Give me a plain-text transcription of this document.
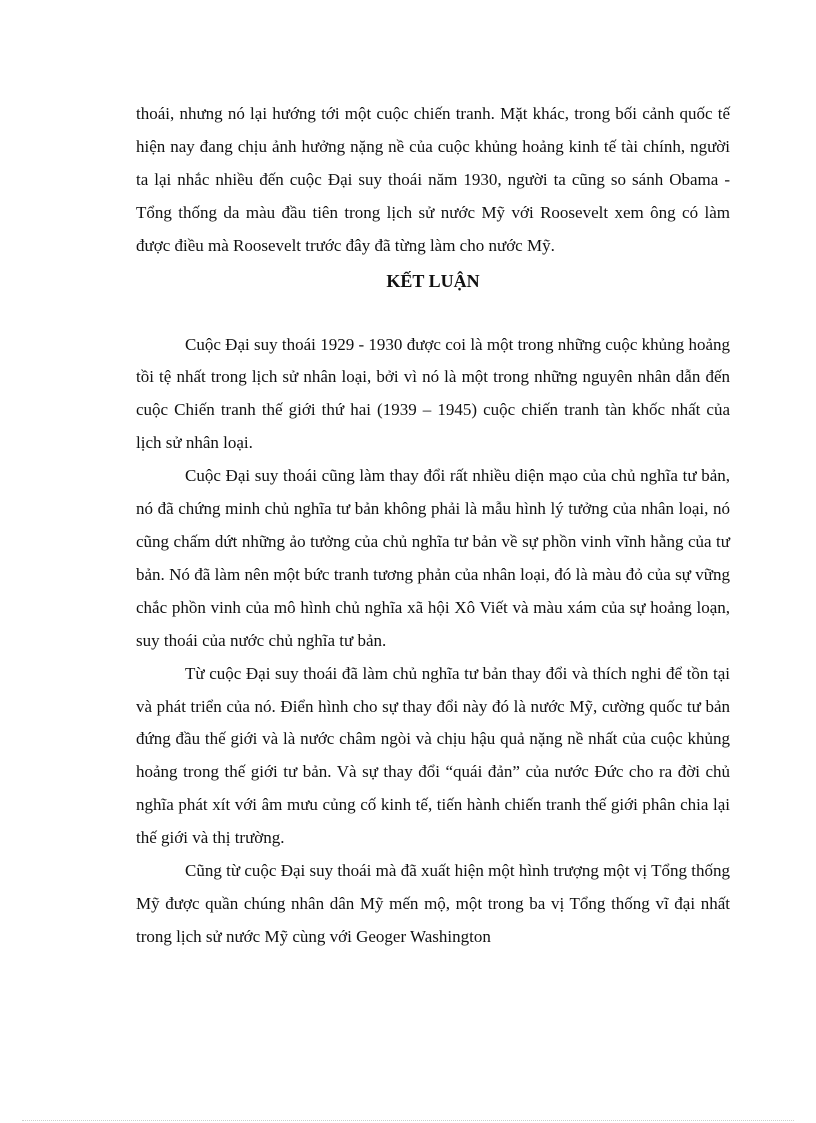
thoái, nhưng nó lại hướng tới một cuộc chiến tranh. Mặt khác, trong bối cảnh quốc tế hiện nay đang chịu ảnh hưởng nặng nề của cuộc khủng hoảng kinh tế tài chính, người ta lại nhắc nhiều đến cuộc Đại suy thoái năm 1930, người ta cũng so sánh Obama - Tổng thống da màu đầu tiên trong lịch sử nước Mỹ với Roosevelt xem ông có làm được điều mà Roosevelt trước đây đã từng làm cho nước Mỹ.

KẾT LUẬN

Cuộc Đại suy thoái 1929 - 1930 được coi là một trong những cuộc khủng hoảng tồi tệ nhất trong lịch sử nhân loại, bởi vì nó là một trong những nguyên nhân dẫn đến cuộc Chiến tranh thế giới thứ hai (1939 – 1945) cuộc chiến tranh tàn khốc nhất của lịch sử nhân loại.

Cuộc Đại suy thoái cũng làm thay đổi rất nhiều diện mạo của chủ nghĩa tư bản, nó đã chứng minh chủ nghĩa tư bản không phải là mẫu hình lý tưởng của nhân loại, nó cũng chấm dứt những ảo tưởng của chủ nghĩa tư bản về sự phồn vinh vĩnh hằng của tư bản. Nó đã làm nên một bức tranh tương phản của nhân loại, đó là màu đỏ của sự vững chắc phồn vinh của mô hình chủ nghĩa xã hội Xô Viết và màu xám của sự hoảng loạn, suy thoái của nước chủ nghĩa tư bản.

Từ cuộc Đại suy thoái đã làm chủ nghĩa tư bản thay đổi và thích nghi để tồn tại và phát triển của nó. Điển hình cho sự thay đổi này đó là nước Mỹ, cường quốc tư bản đứng đầu thế giới và là nước châm ngòi và chịu hậu quả nặng nề nhất của cuộc khủng hoảng trong thế giới tư bản. Và sự thay đổi “quái đản” của nước Đức cho ra đời chủ nghĩa phát xít với âm mưu củng cố kinh tế, tiến hành chiến tranh thế giới phân chia lại thế giới và thị trường.

Cũng từ cuộc Đại suy thoái mà đã xuất hiện một hình trượng một vị Tổng thống Mỹ được quần chúng nhân dân Mỹ mến mộ, một trong ba vị Tổng thống vĩ đại nhất trong lịch sử nước Mỹ cùng với Geoger Washington
